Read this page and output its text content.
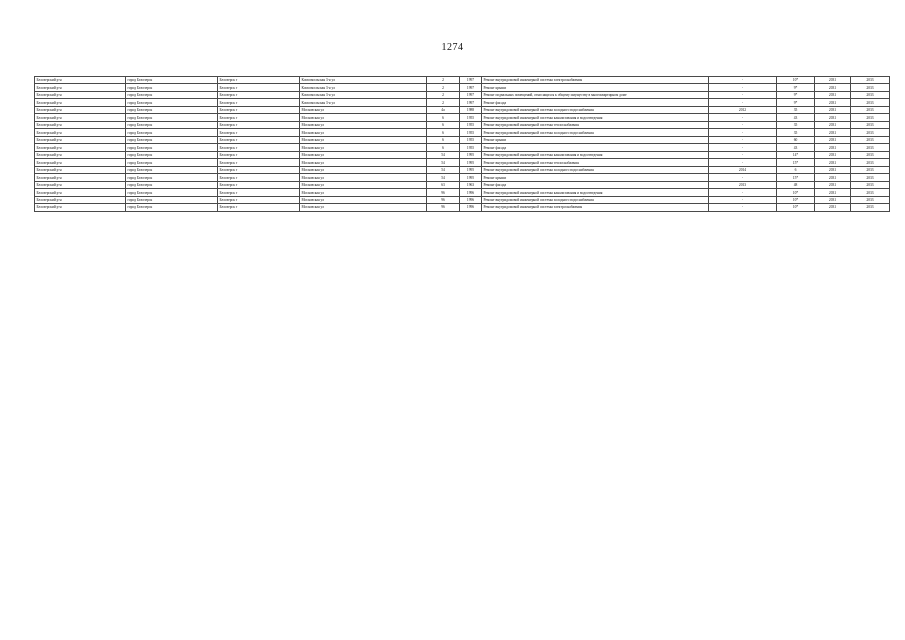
1274
Белозерский р-н	город Белозерск	Белозерск г	Комсомольская 3-я ул	2	1997	Ремонт внутридомовой инженерной системы электроснабжения	-	10*	2031	2033
Белозерский р-н	город Белозерск	Белозерск г	Комсомольская 3-я ул	2	1997	Ремонт крыши	-	9*	2031	2033
Белозерский р-н	город Белозерск	Белозерск г	Комсомольская 3-я ул	2	1997	Ремонт подвальных помещений, относящихся к общему имуществу в многоквартирном доме	-	9*	2031	2033
Белозерский р-н	город Белозерск	Белозерск г	Комсомольская 3-я ул	2	1997	Ремонт фасада	-	9*	2031	2033
Белозерский р-н	город Белозерск	Белозерск г	Московская ул	4а	1988	Ремонт внутридомовой инженерной системы холодного водоснабжения	2012	35	2031	2033
Белозерский р-н	город Белозерск	Белозерск г	Московская ул	6	1955	Ремонт внутридомовой инженерной системы канализования и водоотведения	-	43	2031	2033
Белозерский р-н	город Белозерск	Белозерск г	Московская ул	6	1955	Ремонт внутридомовой инженерной системы теплоснабжения	-	35	2031	2033
Белозерский р-н	город Белозерск	Белозерск г	Московская ул	6	1955	Ремонт внутридомовой инженерной системы холодного водоснабжения	-	35	2031	2033
Белозерский р-н	город Белозерск	Белозерск г	Московская ул	6	1955	Ремонт крыши	-	60	2031	2033
Белозерский р-н	город Белозерск	Белозерск г	Московская ул	6	1955	Ремонт фасада	-	43	2031	2033
Белозерский р-н	город Белозерск	Белозерск г	Московская ул	54	1995	Ремонт внутридомовой инженерной системы канализования и водоотведения	-	14*	2031	2033
Белозерский р-н	город Белозерск	Белозерск г	Московская ул	54	1995	Ремонт внутридомовой инженерной системы теплоснабжения	-	15*	2031	2033
Белозерский р-н	город Белозерск	Белозерск г	Московская ул	54	1995	Ремонт внутридомовой инженерной системы холодного водоснабжения	2014	6	2031	2033
Белозерский р-н	город Белозерск	Белозерск г	Московская ул	54	1995	Ремонт крыши	-	15*	2031	2033
Белозерский р-н	город Белозерск	Белозерск г	Московская ул	63	1963	Ремонт фасада	2013	48	2031	2033
Белозерский р-н	город Белозерск	Белозерск г	Московская ул	96	1996	Ремонт внутридомовой инженерной системы канализования и водоотведения	-	10*	2031	2033
Белозерский р-н	город Белозерск	Белозерск г	Московская ул	96	1996	Ремонт внутридомовой инженерной системы холодного водоснабжения	-	10*	2031	2033
Белозерский р-н	город Белозерск	Белозерск г	Московская ул	96	1996	Ремонт внутридомовой инженерной системы электроснабжения	-	10*	2031	2033
